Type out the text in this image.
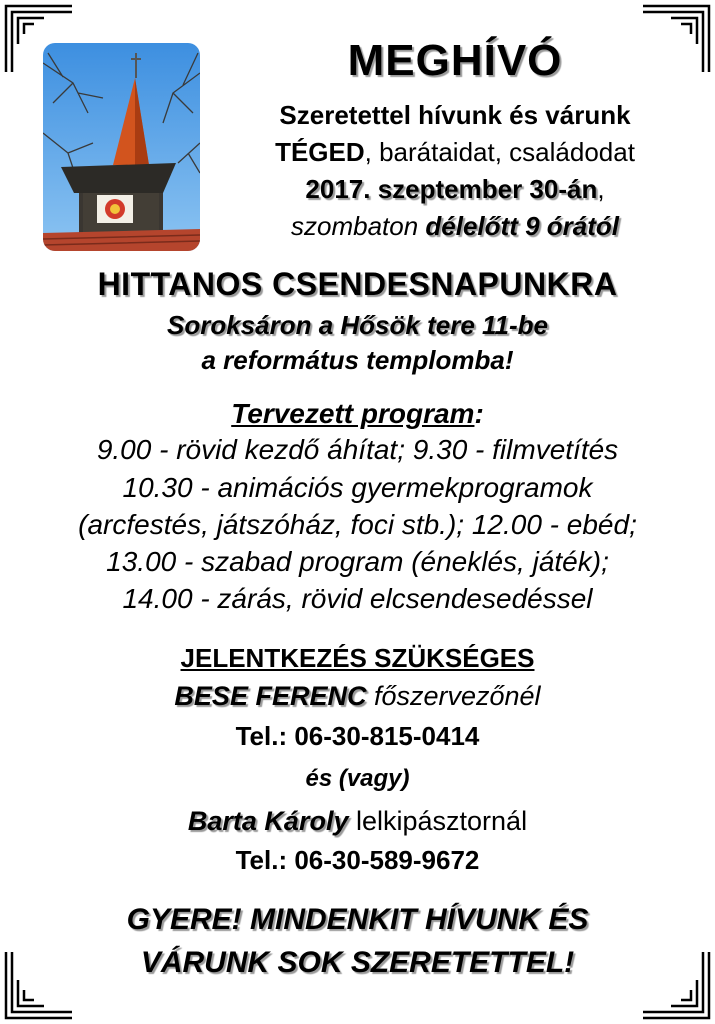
MEGHÍVÓ
Szeretettel hívunk és várunk
TÉGED, barátaidat, családodat
2017. szeptember 30-án,
szombaton délelőtt 9 órától
HITTANOS CSENDESNAPUNKRA
Soroksáron a Hősök tere 11-be
a református templomba!
Tervezett program:
9.00 - rövid kezdő áhítat; 9.30 - filmvetítés
10.30 - animációs gyermekprogramok
(arcfestés, játszóház, foci stb.); 12.00 - ebéd;
13.00 - szabad program (éneklés, játék);
14.00 - zárás, rövid elcsendesedéssel
JELENTKEZÉS SZÜKSÉGES
BESE FERENC főszervezőnél
Tel.: 06-30-815-0414
és (vagy)
Barta Károly lelkipásztornál
Tel.: 06-30-589-9672
GYERE! MINDENKIT HÍVUNK ÉS
VÁRUNK SOK SZERETETTEL!
